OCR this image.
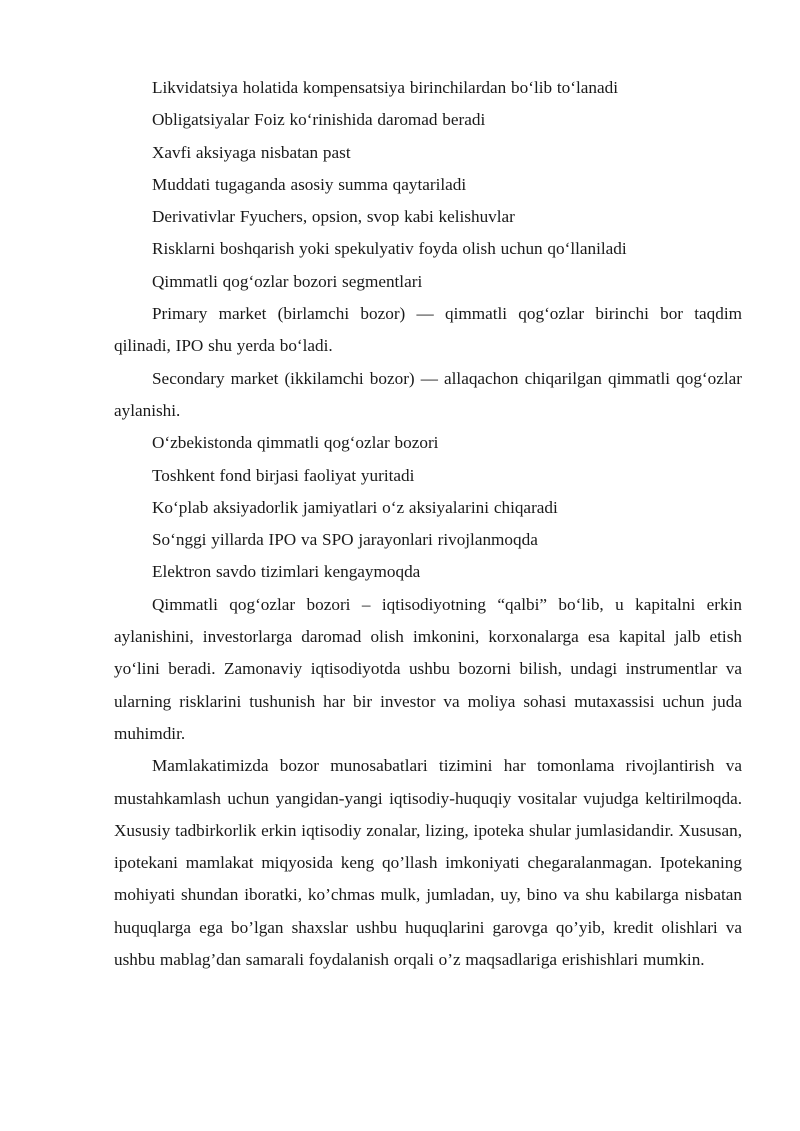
Likvidatsiya holatida kompensatsiya birinchilardan bo‘lib to‘lanadi

Obligatsiyalar Foiz ko‘rinishida daromad beradi

Xavfi aksiyaga nisbatan past

Muddati tugaganda asosiy summa qaytariladi

Derivativlar Fyuchers, opsion, svop kabi kelishuvlar

Risklarni boshqarish yoki spekulyativ foyda olish uchun qo‘llaniladi

Qimmatli qog‘ozlar bozori segmentlari

Primary market (birlamchi bozor) — qimmatli qog‘ozlar birinchi bor taqdim qilinadi, IPO shu yerda bo‘ladi.

Secondary market (ikkilamchi bozor) — allaqachon chiqarilgan qimmatli qog‘ozlar aylanishi.

O‘zbekistonda qimmatli qog‘ozlar bozori

Toshkent fond birjasi faoliyat yuritadi

Ko‘plab aksiyadorlik jamiyatlari o‘z aksiyalarini chiqaradi

So‘nggi yillarda IPO va SPO jarayonlari rivojlanmoqda

Elektron savdo tizimlari kengaymoqda

Qimmatli qog‘ozlar bozori – iqtisodiyotning “qalbi” bo‘lib, u kapitalni erkin aylanishini, investorlarga daromad olish imkonini, korxonalarga esa kapital jalb etish yo‘lini beradi. Zamonaviy iqtisodiyotda ushbu bozorni bilish, undagi instrumentlar va ularning risklarini tushunish har bir investor va moliya sohasi mutaxassisi uchun juda muhimdir.

Mamlakatimizda bozor munosabatlari tizimini har tomonlama rivojlantirish va mustahkamlash uchun yangidan-yangi iqtisodiy-huquqiy vositalar vujudga keltirilmoqda. Xususiy tadbirkorlik erkin iqtisodiy zonalar, lizing, ipoteka shular jumlasidandir. Xususan, ipotekani mamlakat miqyosida keng qo’llash imkoniyati chegaralanmagan. Ipotekaning mohiyati shundan iboratki, ko’chmas mulk, jumladan, uy, bino va shu kabilarga nisbatan huquqlarga ega bo’lgan shaxslar ushbu huquqlarini garovga qo’yib, kredit olishlari va ushbu mablag’dan samarali foydalanish orqali o’z maqsadlariga erishishlari mumkin.
